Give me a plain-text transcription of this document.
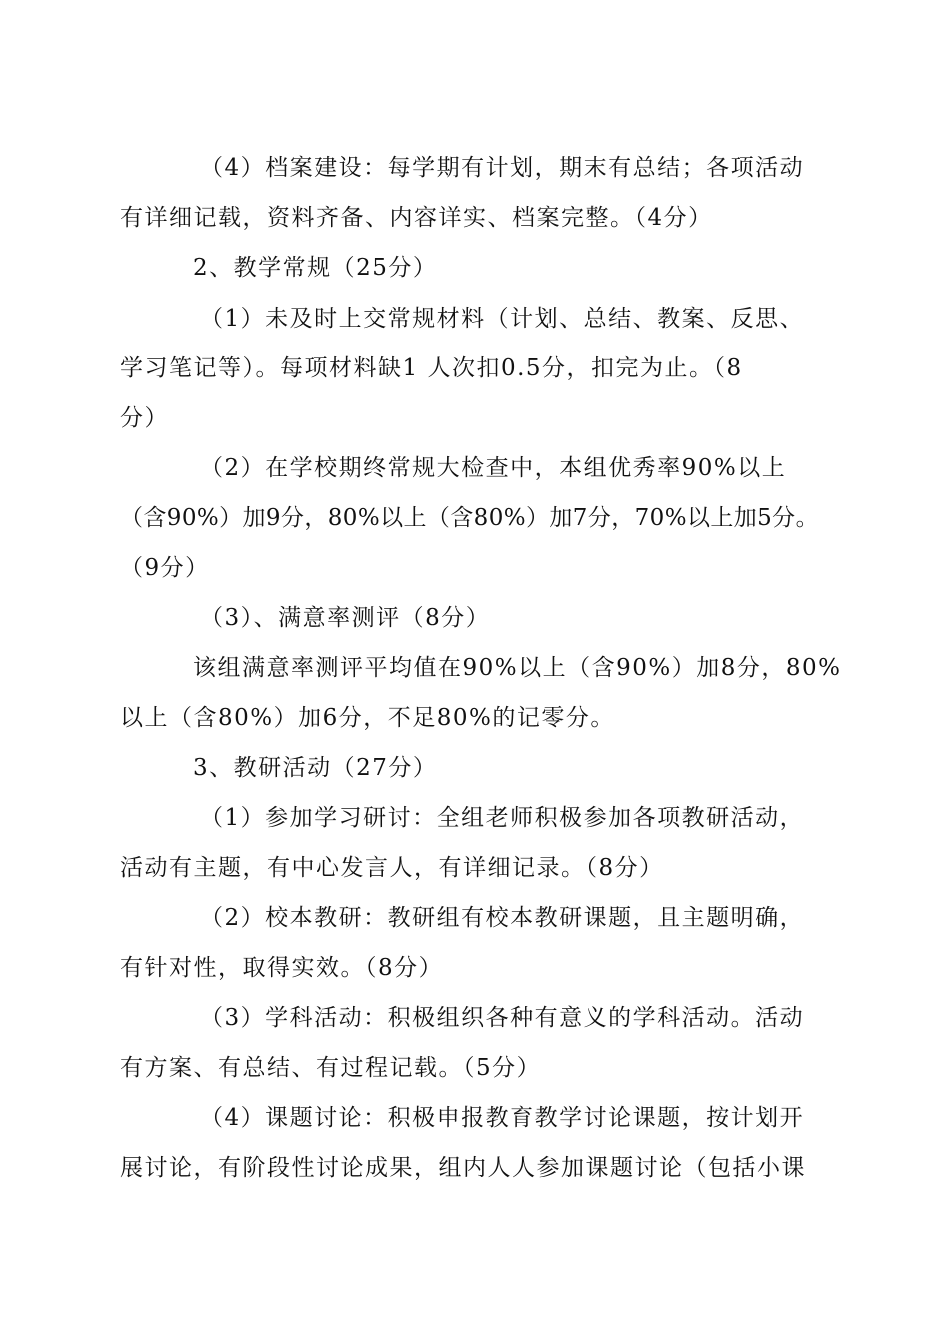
（4）档案建设：每学期有计划，期末有总结；各项活动
有详细记载，资料齐备、内容详实、档案完整。（4分）
2、教学常规（25分）
（1）未及时上交常规材料（计划、总结、教案、反思、
学习笔记等）。每项材料缺1 人次扣0.5分，扣完为止。（8
分）
（2）在学校期终常规大检查中，本组优秀率90%以上
（含90%）加9分，80%以上（含80%）加7分，70%以上加5分。
（9分）
（3）、满意率测评（8分）
该组满意率测评平均值在90%以上（含90%）加8分，80%
以上（含80%）加6分，不足80%的记零分。
3、教研活动（27分）
（1）参加学习研讨：全组老师积极参加各项教研活动，
活动有主题，有中心发言人，有详细记录。（8分）
（2）校本教研：教研组有校本教研课题，且主题明确，
有针对性，取得实效。（8分）
（3）学科活动：积极组织各种有意义的学科活动。活动
有方案、有总结、有过程记载。（5分）
（4）课题讨论：积极申报教育教学讨论课题，按计划开
展讨论，有阶段性讨论成果，组内人人参加课题讨论（包括小课
